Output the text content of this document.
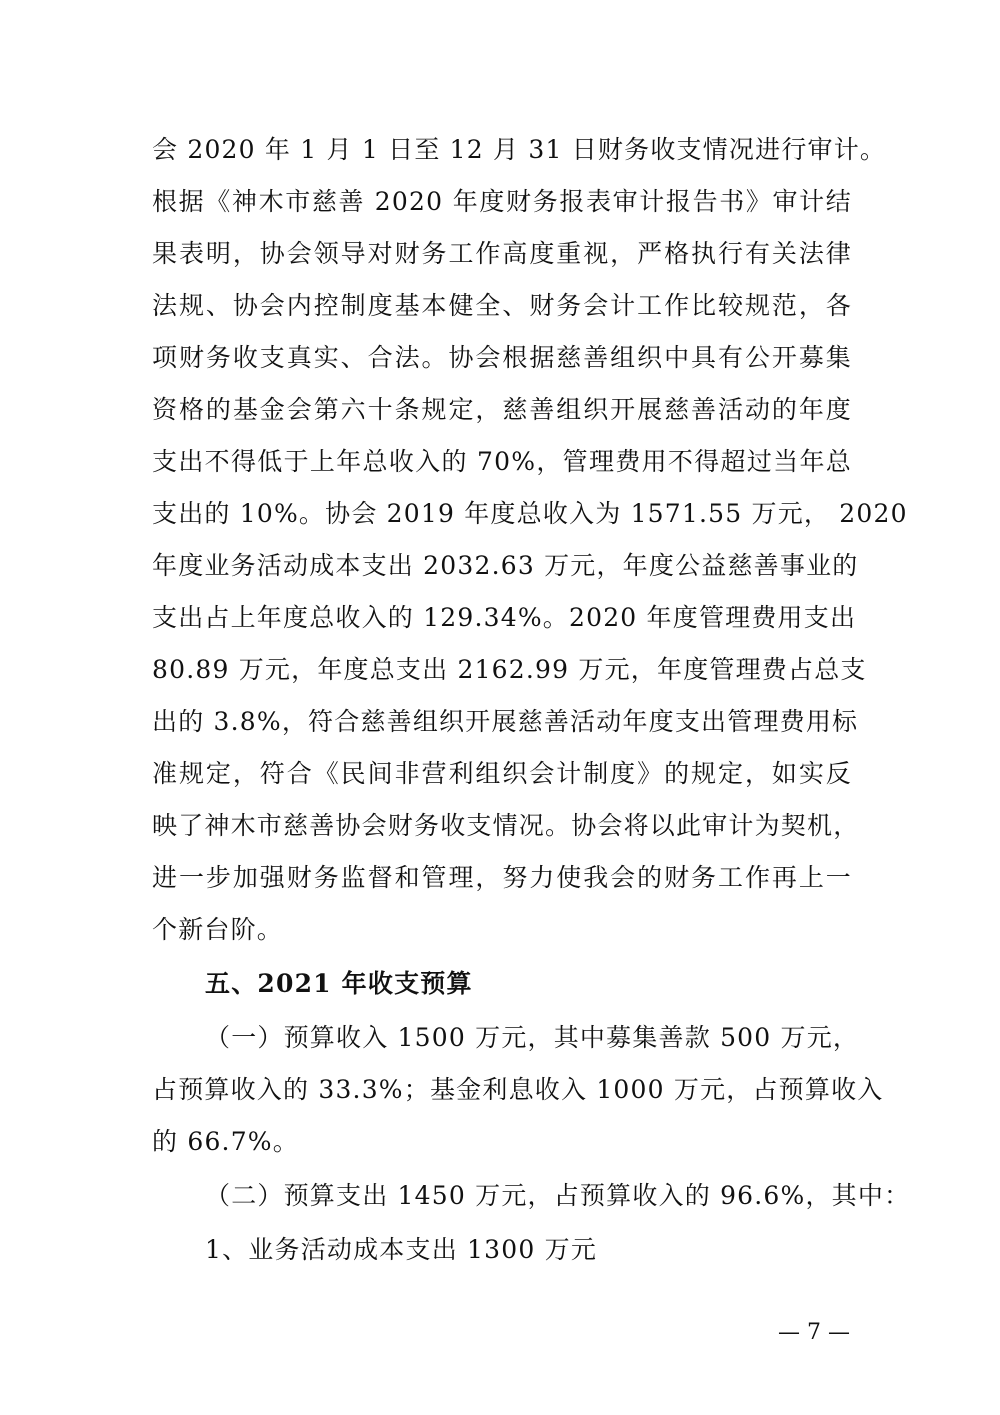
会 2020 年 1 月 1 日至 12 月 31 日财务收支情况进行审计。
根据《神木市慈善 2020 年度财务报表审计报告书》审计结
果表明，协会领导对财务工作高度重视，严格执行有关法律
法规、协会内控制度基本健全、财务会计工作比较规范，各
项财务收支真实、合法。协会根据慈善组织中具有公开募集
资格的基金会第六十条规定，慈善组织开展慈善活动的年度
支出不得低于上年总收入的 70%，管理费用不得超过当年总
支出的 10%。协会 2019 年度总收入为 1571.55 万元， 2020
年度业务活动成本支出 2032.63 万元，年度公益慈善事业的
支出占上年度总收入的 129.34%。2020 年度管理费用支出
80.89 万元，年度总支出 2162.99 万元，年度管理费占总支
出的 3.8%，符合慈善组织开展慈善活动年度支出管理费用标
准规定，符合《民间非营利组织会计制度》的规定，如实反
映了神木市慈善协会财务收支情况。协会将以此审计为契机，
进一步加强财务监督和管理，努力使我会的财务工作再上一
个新台阶。
五、2021 年收支预算
（一）预算收入 1500 万元，其中募集善款 500 万元，
占预算收入的 33.3%；基金利息收入 1000 万元，占预算收入
的 66.7%。
（二）预算支出 1450 万元，占预算收入的 96.6%，其中：
1、业务活动成本支出 1300 万元
— 7 —
